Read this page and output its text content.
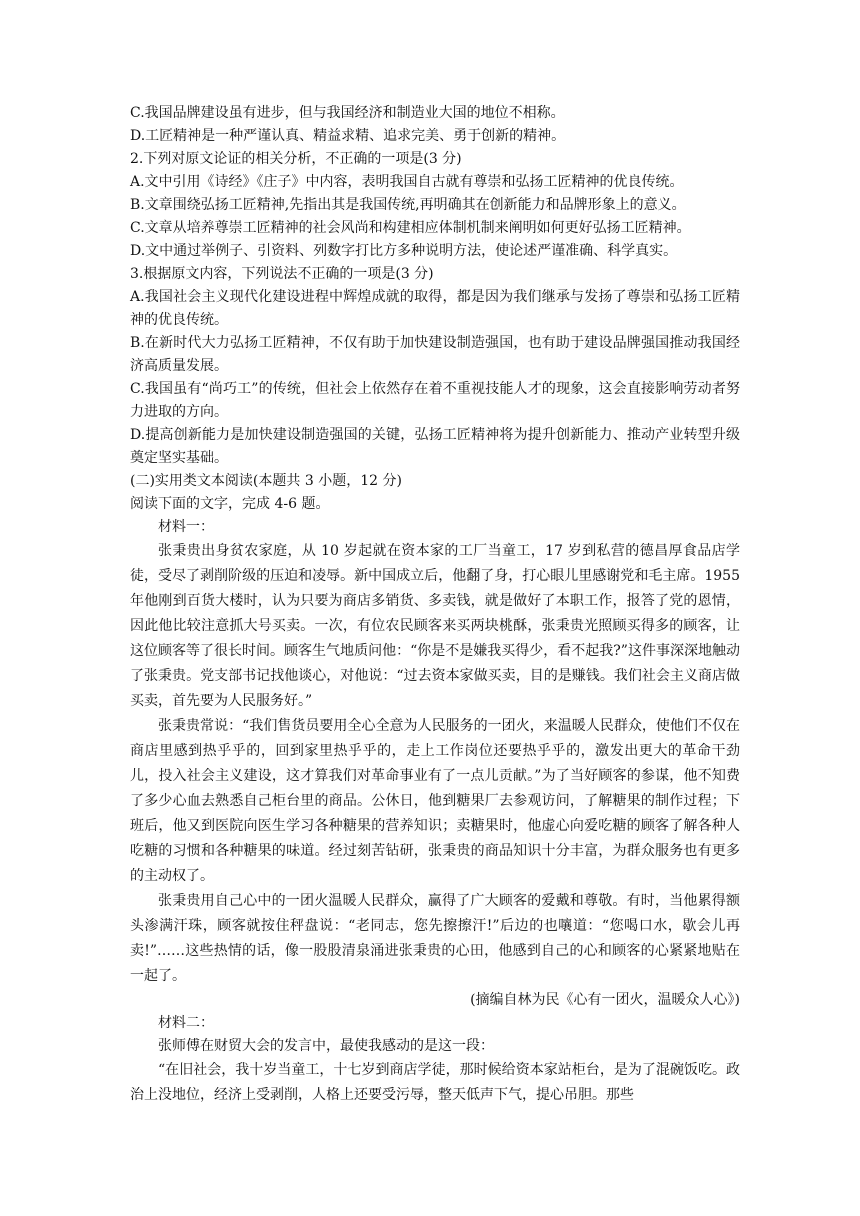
C.我国品牌建设虽有进步，但与我国经济和制造业大国的地位不相称。

D.工匠精神是一种严谨认真、精益求精、追求完美、勇于创新的精神。

2.下列对原文论证的相关分析，不正确的一项是(3 分)

A.文中引用《诗经》《庄子》中内容，表明我国自古就有尊崇和弘扬工匠精神的优良传统。

B.文章围绕弘扬工匠精神,先指出其是我国传统,再明确其在创新能力和品牌形象上的意义。

C.文章从培养尊崇工匠精神的社会风尚和构建相应体制机制来阐明如何更好弘扬工匠精神。

D.文中通过举例子、引资料、列数字打比方多种说明方法，使论述严谨准确、科学真实。

3.根据原文内容，下列说法不正确的一项是(3 分)

A.我国社会主义现代化建设进程中辉煌成就的取得，都是因为我们继承与发扬了尊崇和弘扬工匠精神的优良传统。

B.在新时代大力弘扬工匠精神，不仅有助于加快建设制造强国，也有助于建设品牌强国推动我国经济高质量发展。

C.我国虽有“尚巧工”的传统，但社会上依然存在着不重视技能人才的现象，这会直接影响劳动者努力进取的方向。

D.提高创新能力是加快建设制造强国的关键，弘扬工匠精神将为提升创新能力、推动产业转型升级奠定坚实基础。

(二)实用类文本阅读(本题共 3 小题，12 分)

阅读下面的文字，完成 4-6 题。

材料一：

张秉贵出身贫农家庭，从 10 岁起就在资本家的工厂当童工，17 岁到私营的德昌厚食品店学徒，受尽了剥削阶级的压迫和凌辱。新中国成立后，他翻了身，打心眼儿里感谢党和毛主席。1955 年他刚到百货大楼时，认为只要为商店多销货、多卖钱，就是做好了本职工作，报答了党的恩情，因此他比较注意抓大号买卖。一次，有位农民顾客来买两块桃酥，张秉贵光照顾买得多的顾客，让这位顾客等了很长时间。顾客生气地质问他：“你是不是嫌我买得少，看不起我?”这件事深深地触动了张秉贵。党支部书记找他谈心，对他说：“过去资本家做买卖，目的是赚钱。我们社会主义商店做买卖，首先要为人民服务好。”

张秉贵常说：“我们售货员要用全心全意为人民服务的一团火，来温暖人民群众，使他们不仅在商店里感到热乎乎的，回到家里热乎乎的，走上工作岗位还要热乎乎的，激发出更大的革命干劲儿，投入社会主义建设，这才算我们对革命事业有了一点儿贡献。”为了当好顾客的参谋，他不知费了多少心血去熟悉自己柜台里的商品。公休日，他到糖果厂去参观访问，了解糖果的制作过程；下班后，他又到医院向医生学习各种糖果的营养知识；卖糖果时，他虚心向爱吃糖的顾客了解各种人吃糖的习惯和各种糖果的味道。经过刻苦钻研，张秉贵的商品知识十分丰富，为群众服务也有更多的主动权了。

张秉贵用自己心中的一团火温暖人民群众，赢得了广大顾客的爱戴和尊敬。有时，当他累得额头渗满汗珠，顾客就按住秤盘说：“老同志，您先擦擦汗!”后边的也嚷道：“您喝口水，歇会儿再卖!”……这些热情的话，像一股股清泉涌进张秉贵的心田，他感到自己的心和顾客的心紧紧地贴在一起了。

(摘编自林为民《心有一团火，温暖众人心》)

材料二：

张师傅在财贸大会的发言中，最使我感动的是这一段：

“在旧社会，我十岁当童工，十七岁到商店学徒，那时候给资本家站柜台，是为了混碗饭吃。政治上没地位，经济上受剥削，人格上还要受污辱，整天低声下气，提心吊胆。那些
